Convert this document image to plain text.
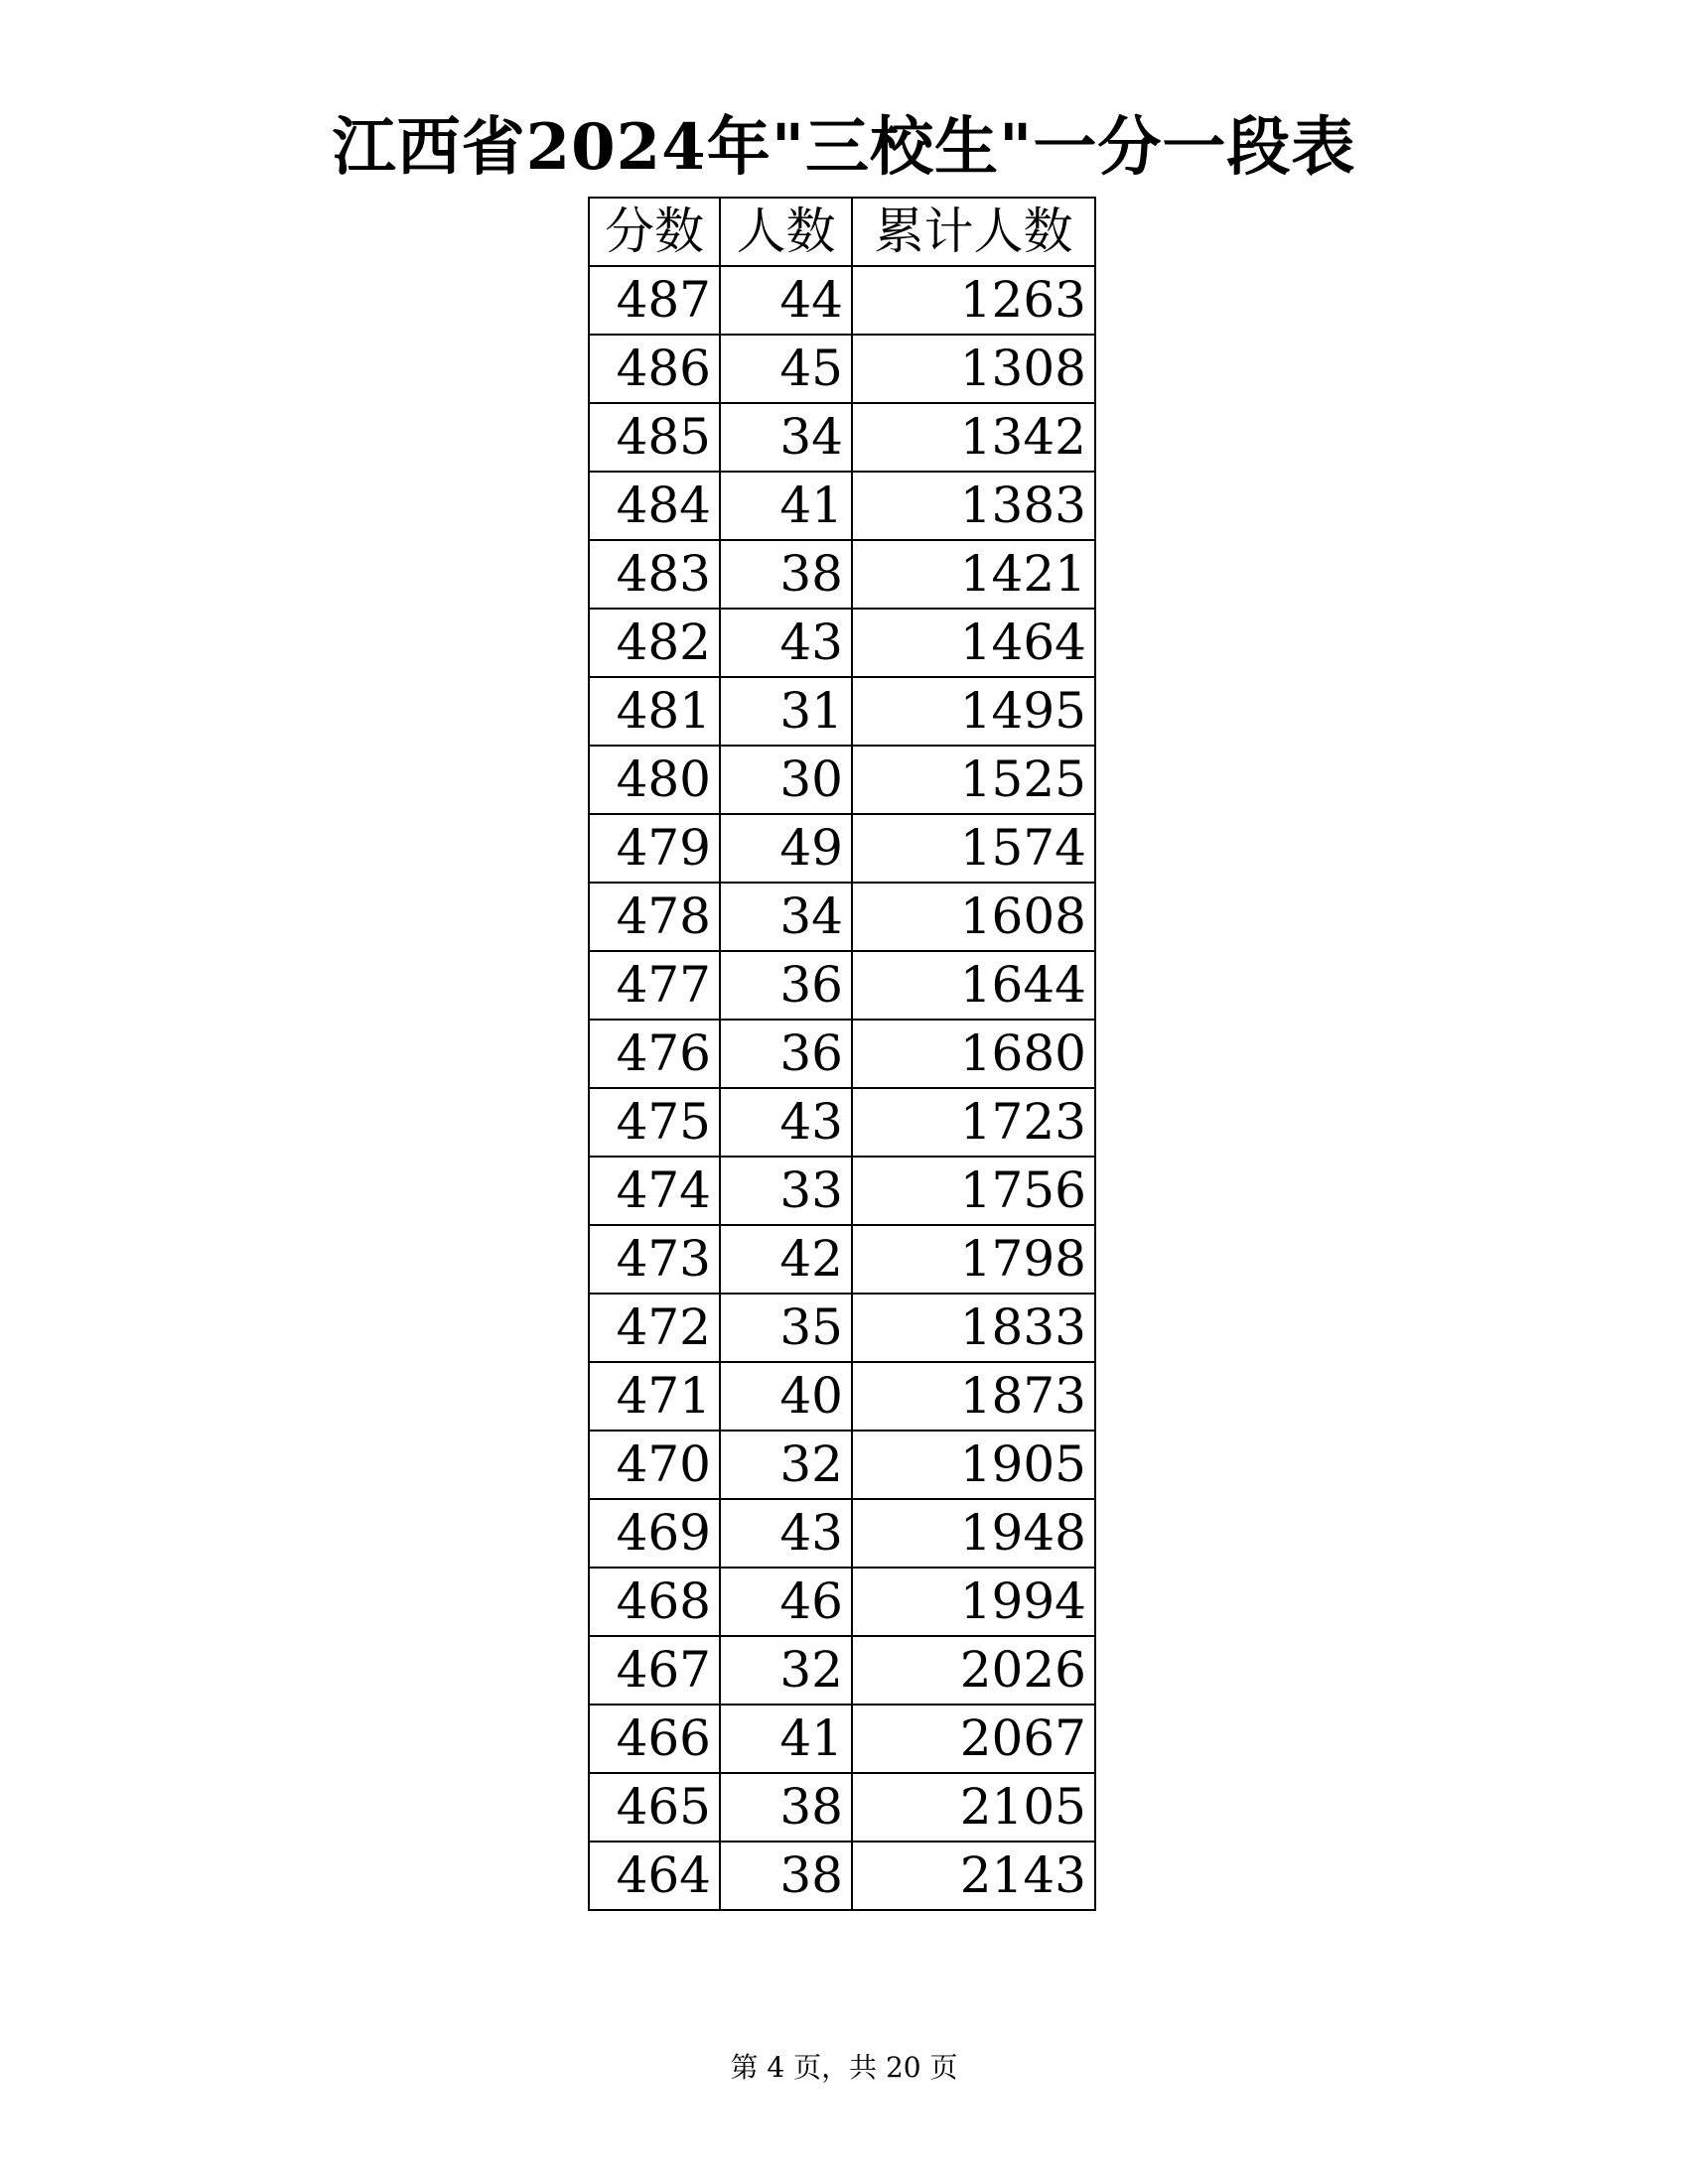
江西省2024年"三校生"一分一段表
分数	人数	累计人数
487	44	1263
486	45	1308
485	34	1342
484	41	1383
483	38	1421
482	43	1464
481	31	1495
480	30	1525
479	49	1574
478	34	1608
477	36	1644
476	36	1680
475	43	1723
474	33	1756
473	42	1798
472	35	1833
471	40	1873
470	32	1905
469	43	1948
468	46	1994
467	32	2026
466	41	2067
465	38	2105
464	38	2143
第 4 页，共 20 页
